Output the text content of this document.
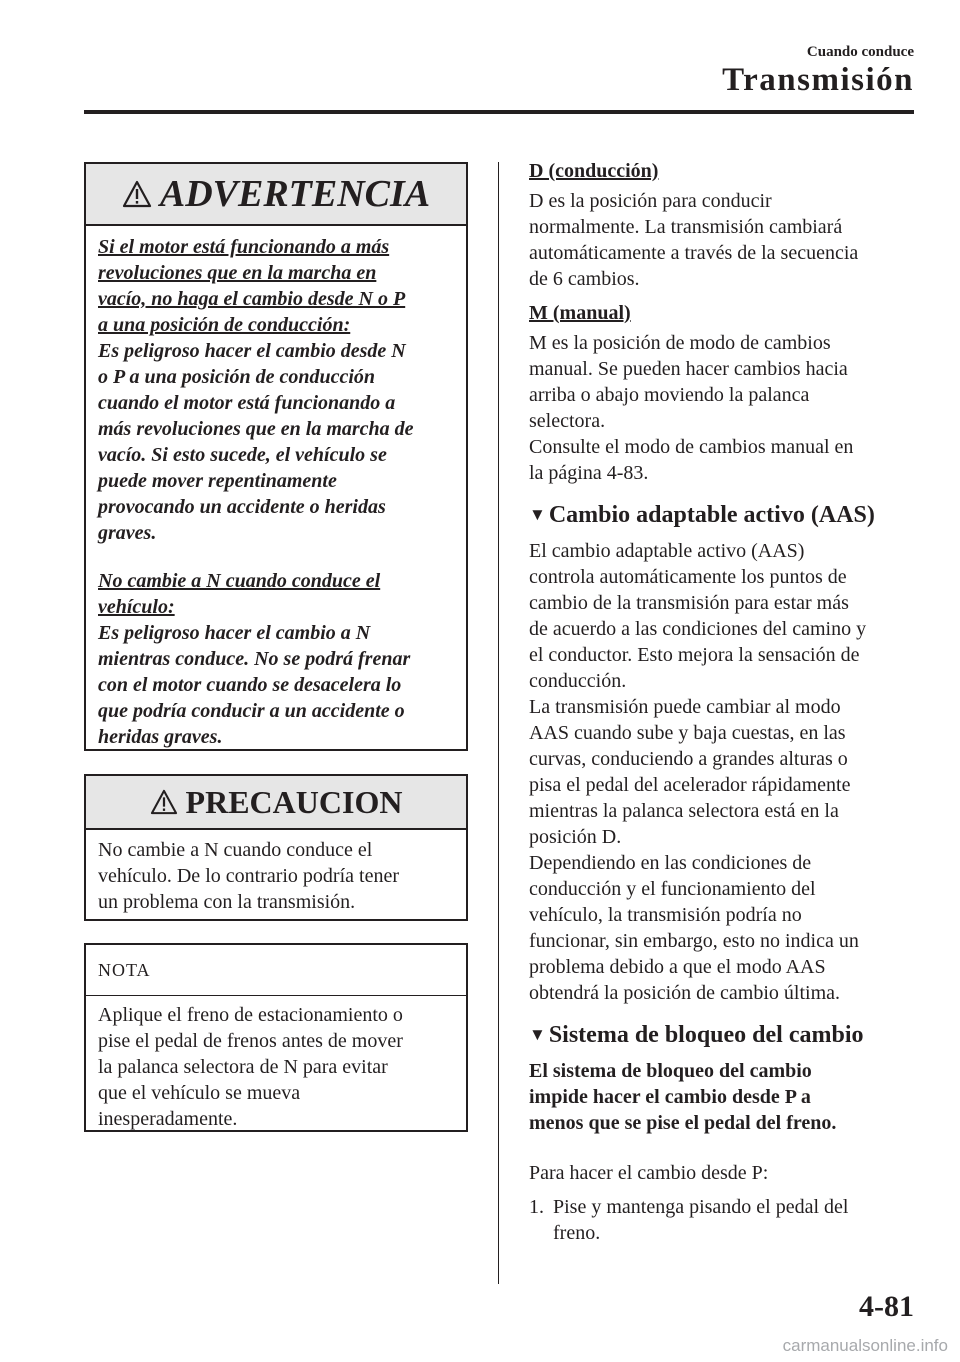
Cuando conduce
Transmisión
ADVERTENCIA

Si el motor está funcionando a más

revoluciones que en la marcha en

vacío, no haga el cambio desde N o P

a una posición de conducción:

Es peligroso hacer el cambio desde N

o P a una posición de conducción

cuando el motor está funcionando a

más revoluciones que en la marcha de

vacío. Si esto sucede, el vehículo se

puede mover repentinamente

provocando un accidente o heridas

graves.

No cambie a N cuando conduce el

vehículo:

Es peligroso hacer el cambio a N

mientras conduce. No se podrá frenar

con el motor cuando se desacelera lo

que podría conducir a un accidente o

heridas graves.

PRECAUCION
No cambie a N cuando conduce el
vehículo. De lo contrario podría tener
un problema con la transmisión.
NOTA
Aplique el freno de estacionamiento o
pise el pedal de frenos antes de mover
la palanca selectora de N para evitar
que el vehículo se mueva
inesperadamente.

D (conducción)

D es la posición para conducir

normalmente. La transmisión cambiará

automáticamente a través de la secuencia

de 6 cambios.

M (manual)

M es la posición de modo de cambios

manual. Se pueden hacer cambios hacia

arriba o abajo moviendo la palanca

selectora.

Consulte el modo de cambios manual en

la página 4-83.

▼ Cambio adaptable activo (AAS)

El cambio adaptable activo (AAS)

controla automáticamente los puntos de

cambio de la transmisión para estar más

de acuerdo a las condiciones del camino y

el conductor. Esto mejora la sensación de

conducción.

La transmisión puede cambiar al modo

AAS cuando sube y baja cuestas, en las

curvas, conduciendo a grandes alturas o

pisa el pedal del acelerador rápidamente

mientras la palanca selectora está en la

posición D.

Dependiendo en las condiciones de

conducción y el funcionamiento del

vehículo, la transmisión podría no

funcionar, sin embargo, esto no indica un

problema debido a que el modo AAS

obtendrá la posición de cambio última.

▼ Sistema de bloqueo del cambio

El sistema de bloqueo del cambio

impide hacer el cambio desde P a

menos que se pise el pedal del freno.

Para hacer el cambio desde P:

1. Pise y mantenga pisando el pedal del
freno.
4-81
carmanualsonline.info
